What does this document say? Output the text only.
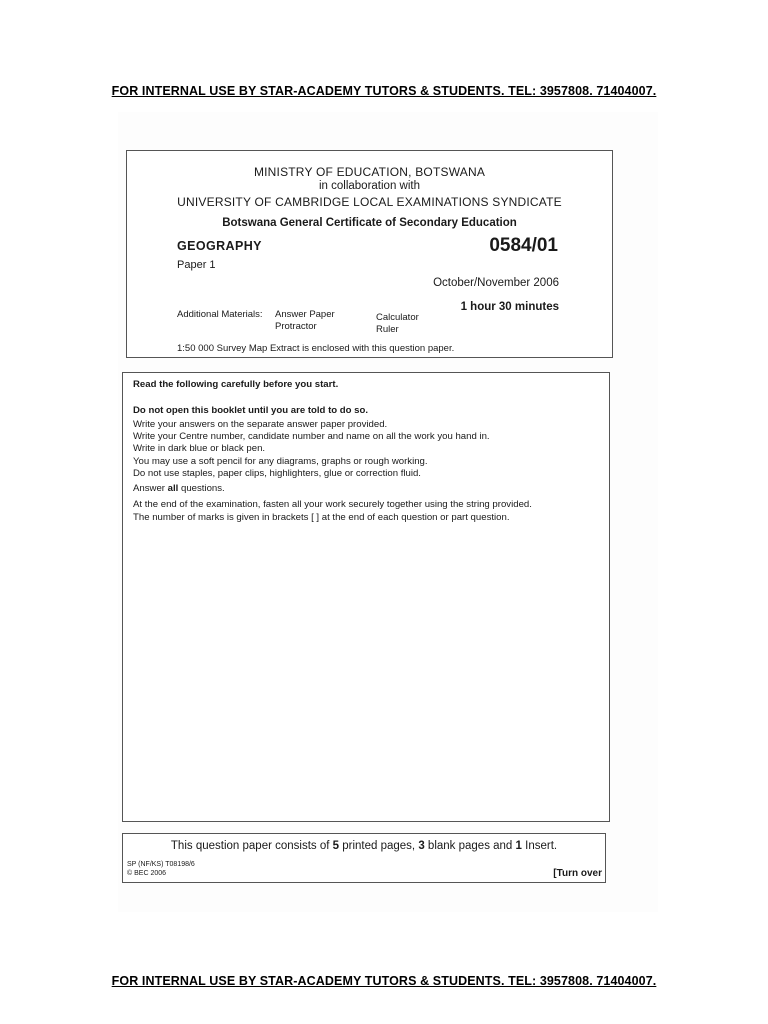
FOR INTERNAL USE BY STAR-ACADEMY TUTORS & STUDENTS. TEL: 3957808. 71404007.
MINISTRY OF EDUCATION, BOTSWANA
in collaboration with
UNIVERSITY OF CAMBRIDGE LOCAL EXAMINATIONS SYNDICATE
Botswana General Certificate of Secondary Education
GEOGRAPHY	0584/01
Paper 1
October/November 2006
1 hour 30 minutes
Additional Materials: Answer Paper
Protractor
Calculator
Ruler
1:50 000 Survey Map Extract is enclosed with this question paper.
Read the following carefully before you start.
Do not open this booklet until you are told to do so.
Write your answers on the separate answer paper provided.
Write your Centre number, candidate number and name on all the work you hand in.
Write in dark blue or black pen.
You may use a soft pencil for any diagrams, graphs or rough working.
Do not use staples, paper clips, highlighters, glue or correction fluid.
Answer all questions.
At the end of the examination, fasten all your work securely together using the string provided.
The number of marks is given in brackets [ ] at the end of each question or part question.
This question paper consists of 5 printed pages, 3 blank pages and 1 Insert.
SP (NF/KS) T08198/6
© BEC 2006	[Turn over
FOR INTERNAL USE BY STAR-ACADEMY TUTORS & STUDENTS. TEL: 3957808. 71404007.
